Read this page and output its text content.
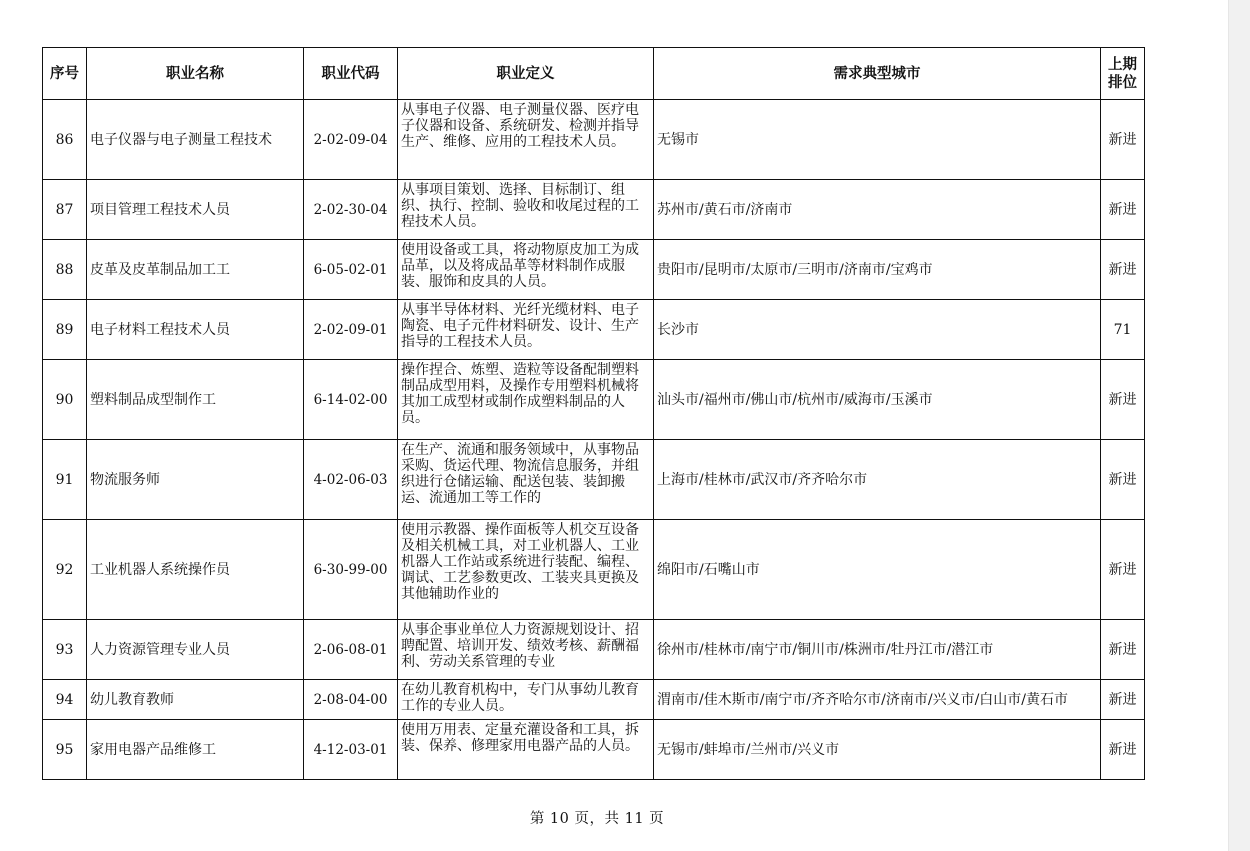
序号	职业名称	职业代码	职业定义	需求典型城市	上期排位
86	电子仪器与电子测量工程技术	2-02-09-04	从事电子仪器、电子测量仪器、医疗电子仪器和设备、系统研发、检测并指导生产、维修、应用的工程技术人员。	无锡市	新进
87	项目管理工程技术人员	2-02-30-04	从事项目策划、选择、目标制订、组织、执行、控制、验收和收尾过程的工程技术人员。	苏州市/黄石市/济南市	新进
88	皮革及皮革制品加工工	6-05-02-01	使用设备或工具，将动物原皮加工为成品革，以及将成品革等材料制作成服装、服饰和皮具的人员。	贵阳市/昆明市/太原市/三明市/济南市/宝鸡市	新进
89	电子材料工程技术人员	2-02-09-01	从事半导体材料、光纤光缆材料、电子陶瓷、电子元件材料研发、设计、生产指导的工程技术人员。	长沙市	71
90	塑料制品成型制作工	6-14-02-00	操作捏合、炼塑、造粒等设备配制塑料制品成型用料，及操作专用塑料机械将其加工成型材或制作成塑料制品的人员。	汕头市/福州市/佛山市/杭州市/威海市/玉溪市	新进
91	物流服务师	4-02-06-03	在生产、流通和服务领域中，从事物品采购、货运代理、物流信息服务，并组织进行仓储运输、配送包装、装卸搬运、流通加工等工作的	上海市/桂林市/武汉市/齐齐哈尔市	新进
92	工业机器人系统操作员	6-30-99-00	使用示教器、操作面板等人机交互设备及相关机械工具，对工业机器人、工业机器人工作站或系统进行装配、编程、调试、工艺参数更改、工装夹具更换及其他辅助作业的	绵阳市/石嘴山市	新进
93	人力资源管理专业人员	2-06-08-01	从事企事业单位人力资源规划设计、招聘配置、培训开发、绩效考核、薪酬福利、劳动关系管理的专业	徐州市/桂林市/南宁市/铜川市/株洲市/牡丹江市/潜江市	新进
94	幼儿教育教师	2-08-04-00	在幼儿教育机构中，专门从事幼儿教育工作的专业人员。	渭南市/佳木斯市/南宁市/齐齐哈尔市/济南市/兴义市/白山市/黄石市	新进
95	家用电器产品维修工	4-12-03-01	使用万用表、定量充灌设备和工具，拆装、保养、修理家用电器产品的人员。	无锡市/蚌埠市/兰州市/兴义市	新进
第 10 页，共 11 页
